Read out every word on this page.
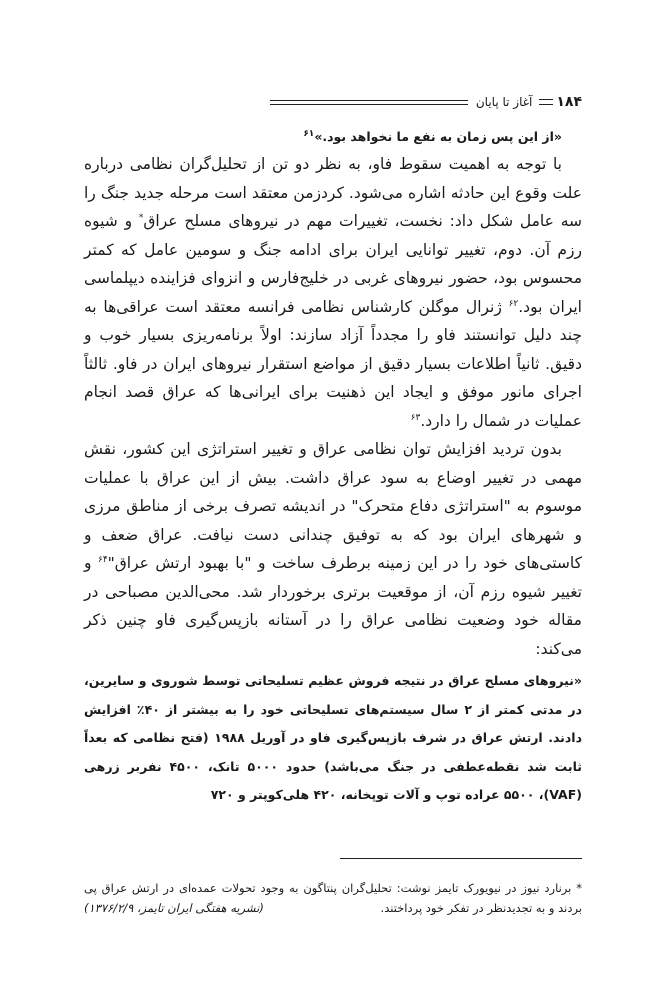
۱۸۴
آغاز تا پایان

«از این پس زمان به نفع ما نخواهد بود.»$^{۶۱}$

با توجه به اهمیت سقوط فاو، به نظر دو تن از تحلیل‌گران نظامی درباره علت وقوع این حادثه اشاره می‌شود. کردزمن معتقد است مرحله جدید جنگ را سه عامل شکل داد: نخست، تغییرات مهم در نیروهای مسلح عراق* و شیوه رزم آن. دوم، تغییر توانایی ایران برای ادامه جنگ و سومین عامل که کمتر محسوس بود، حضور نیروهای غربی در خلیج‌فارس و انزوای فزاینده دیپلماسی ایران بود.$^{۶۲}$ ژنرال موگلن کارشناس نظامی فرانسه معتقد است عراقی‌ها به چند دلیل توانستند فاو را مجدداً آزاد سازند: اولاً برنامه‌ریزی بسیار خوب و دقیق. ثانیاً اطلاعات بسیار دقیق از مواضع استقرار نیروهای ایران در فاو. ثالثاً اجرای مانور موفق و ایجاد این ذهنیت برای ایرانی‌ها که عراق قصد انجام عملیات در شمال را دارد.$^{۶۳}$

بدون تردید افزایش توان نظامی عراق و تغییر استراتژی این کشور، نقش مهمی در تغییر اوضاع به سود عراق داشت. بیش از این عراق با عملیات موسوم به "استراتژی دفاع متحرک" در اندیشه تصرف برخی از مناطق مرزی و شهرهای ایران بود که به توفیق چندانی دست نیافت. عراق ضعف و کاستی‌های خود را در این زمینه برطرف ساخت و "با بهبود ارتش عراق"$^{۶۴}$ و تغییر شیوه رزم آن، از موقعیت برتری برخوردار شد. محی‌الدین مصباحی در مقاله خود وضعیت نظامی عراق را در آستانه بازپس‌گیری فاو چنین ذکر می‌کند:

«نیروهای مسلح عراق در نتیجه فروش عظیم تسلیحاتی توسط شوروی و سایرین، در مدتی کمتر از ۲ سال سیستم‌های تسلیحاتی خود را به بیشتر از ۴۰٪ افزایش دادند. ارتش عراق در شرف بازپس‌گیری فاو در آوریل ۱۹۸۸ (فتح نظامی که بعداً ثابت شد نقطه‌عطفی در جنگ می‌باشد) حدود ۵۰۰۰ تانک، ۴۵۰۰ نفربر زرهی (VAF)، ۵۵۰۰ عراده توپ و آلات توپخانه، ۴۲۰ هلی‌کوپتر و ۷۲۰

* برنارد نیوز در نیویورک تایمز نوشت: تحلیل‌گران پنتاگون به وجود تحولات عمده‌ای در ارتش عراق پی بردند و به تجدیدنظر در تفکر خود پرداختند.
(نشریه هفتگی ایران تایمز، ۱۳۷۶/۲/۹)
